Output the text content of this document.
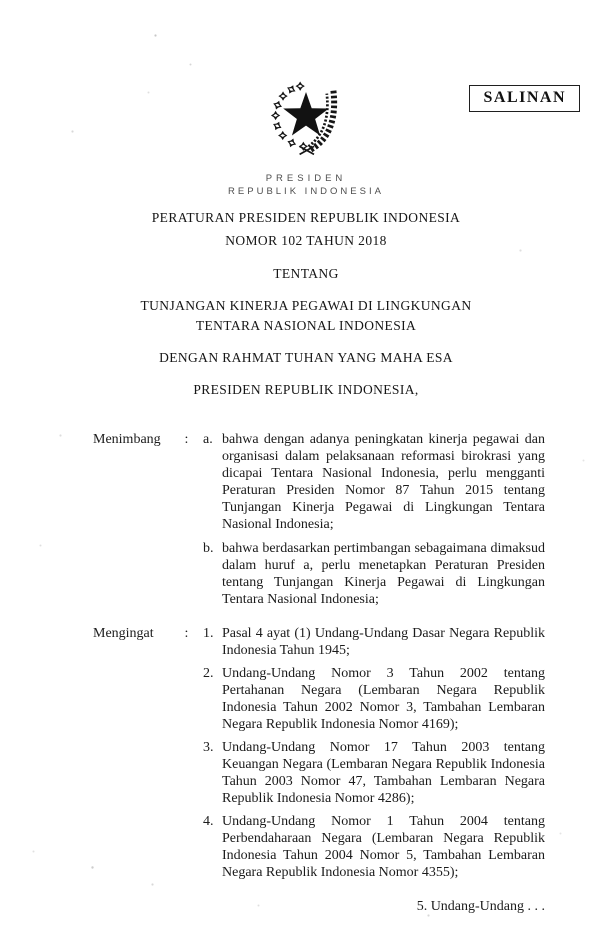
SALINAN
PRESIDEN
REPUBLIK INDONESIA
PERATURAN PRESIDEN REPUBLIK INDONESIA
NOMOR 102 TAHUN 2018
TENTANG
TUNJANGAN KINERJA PEGAWAI DI LINGKUNGAN
TENTARA NASIONAL INDONESIA
DENGAN RAHMAT TUHAN YANG MAHA ESA
PRESIDEN REPUBLIK INDONESIA,
Menimbang	:	a. bahwa dengan adanya peningkatan kinerja pegawai dan organisasi dalam pelaksanaan reformasi birokrasi yang dicapai Tentara Nasional Indonesia, perlu mengganti Peraturan Presiden Nomor 87 Tahun 2015 tentang Tunjangan Kinerja Pegawai di Lingkungan Tentara Nasional Indonesia;
b. bahwa berdasarkan pertimbangan sebagaimana dimaksud dalam huruf a, perlu menetapkan Peraturan Presiden tentang Tunjangan Kinerja Pegawai di Lingkungan Tentara Nasional Indonesia;
Mengingat	:	1. Pasal 4 ayat (1) Undang-Undang Dasar Negara Republik Indonesia Tahun 1945;
2. Undang-Undang Nomor 3 Tahun 2002 tentang Pertahanan Negara (Lembaran Negara Republik Indonesia Tahun 2002 Nomor 3, Tambahan Lembaran Negara Republik Indonesia Nomor 4169);
3. Undang-Undang Nomor 17 Tahun 2003 tentang Keuangan Negara (Lembaran Negara Republik Indonesia Tahun 2003 Nomor 47, Tambahan Lembaran Negara Republik Indonesia Nomor 4286);
4. Undang-Undang Nomor 1 Tahun 2004 tentang Perbendaharaan Negara (Lembaran Negara Republik Indonesia Tahun 2004 Nomor 5, Tambahan Lembaran Negara Republik Indonesia Nomor 4355);
5. Undang-Undang . . .
